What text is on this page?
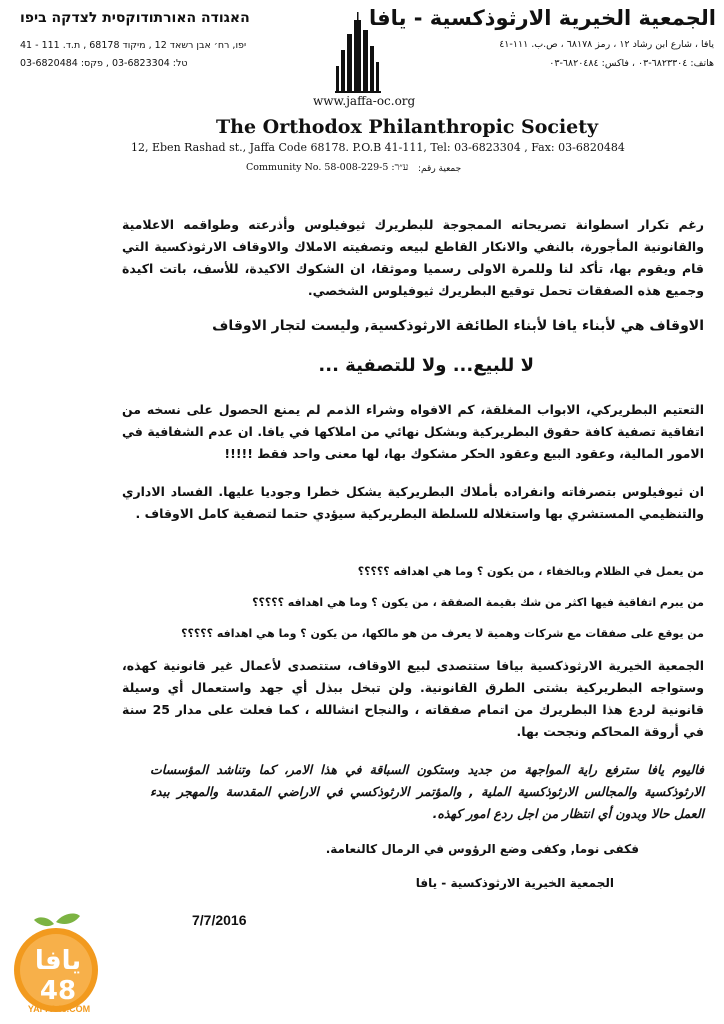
الجمعية الخيرية الارثوذكسية - يافا
يافا ، شارع ابن رشاد ١٢ ، رمز ٦٨١٧٨ ، ص.ب. ١١١-٤١
هاتف: ٦٨٢٣٣٠٤-٠٣ ، فاكس: ٦٨٢٠٤٨٤-٠٣
האגודה האורתודוקסית לצדקה ביפו
יפו, רח׳ אבן רשאד 12 , מיקוד 68178 , ת.ד. 111 - 41
טל: 03-6823304 , פקס: 03-6820484
www.jaffa-oc.org
The Orthodox Philanthropic Society
12, Eben Rashad st., Jaffa Code 68178. P.O.B 41-111, Tel: 03-6823304 , Fax: 03-6820484
Community No. 58-008-229-5 :ע״ר جمعية رقم:

رغم تكرار اسطوانة تصريحاته الممجوجة للبطريرك ثيوفيلوس وأذرعته وطواقمه الاعلامية والقانونية المأجورة، بالنفي والانكار القاطع لبيعه وتصفيته الاملاك والاوقاف الارثوذكسية التي قام ويقوم بها، تأكد لنا وللمرة الاولى رسميا وموثقا، ان الشكوك الاكيدة، للأسف، باتت اكيدة وجميع هذه الصفقات تحمل توقيع البطريرك ثيوفيلوس الشخصي.

الاوقاف هي لأبناء يافا لأبناء الطائفة الارثوذكسية, وليست لتجار الاوقاف
لا للبيع... ولا للتصفية ...

التعتيم البطريركي، الابواب المغلقة، كم الافواه وشراء الذمم لم يمنع الحصول على نسخه من اتفاقية تصفية كافة حقوق البطريركية وبشكل نهائي من املاكها في يافا. ان عدم الشفافية في الامور المالية، وعقود البيع وعقود الحكر مشكوك بها، لها معنى واحد فقط !!!!!

ان ثيوفيلوس بتصرفاته وانفراده بأملاك البطريركية يشكل خطرا وجوديا عليها. الفساد الاداري والتنظيمي المستشري بها واستغلاله للسلطة البطريركية سيؤدي حتما لتصفية كامل الاوقاف .

من يعمل في الظلام وبالخفاء ، من يكون ؟ وما هي اهدافه ؟؟؟؟؟
من يبرم اتفاقية فيها اكثر من شك بقيمة الصفقة ، من يكون ؟ وما هي اهدافه ؟؟؟؟؟
من يوقع على صفقات مع شركات وهمية لا يعرف من هو مالكها، من يكون ؟ وما هي اهدافه ؟؟؟؟؟

الجمعية الخيرية الارثوذكسية بيافا ستتصدى لبيع الاوقاف، ستتصدى لأعمال غير قانونية كهذه، وستواجه البطريركية بشتى الطرق القانونية. ولن تبخل ببذل أي جهد واستعمال أي وسيلة قانونية لردع هذا البطريرك من اتمام صفقاته ، والنجاح انشالله ، كما فعلت على مدار 25 سنة في أروقة المحاكم ونجحت بها.

فاليوم يافا سترفع راية المواجهة من جديد وستكون السباقة في هذا الامر، كما وتناشد المؤسسات الارثوذكسية والمجالس الارثوذكسية الملية , والمؤتمر الارثوذكسي في الاراضي المقدسة والمهجر ببدء العمل حالا وبدون أي انتظار من اجل ردع امور كهذه.

فكفى نوما, وكفى وضع الرؤوس في الرمال كالنعامة.
الجمعية الخيرية الارثوذكسية - يافا
7/7/2016
يافا 48
YAFFA48.COM
